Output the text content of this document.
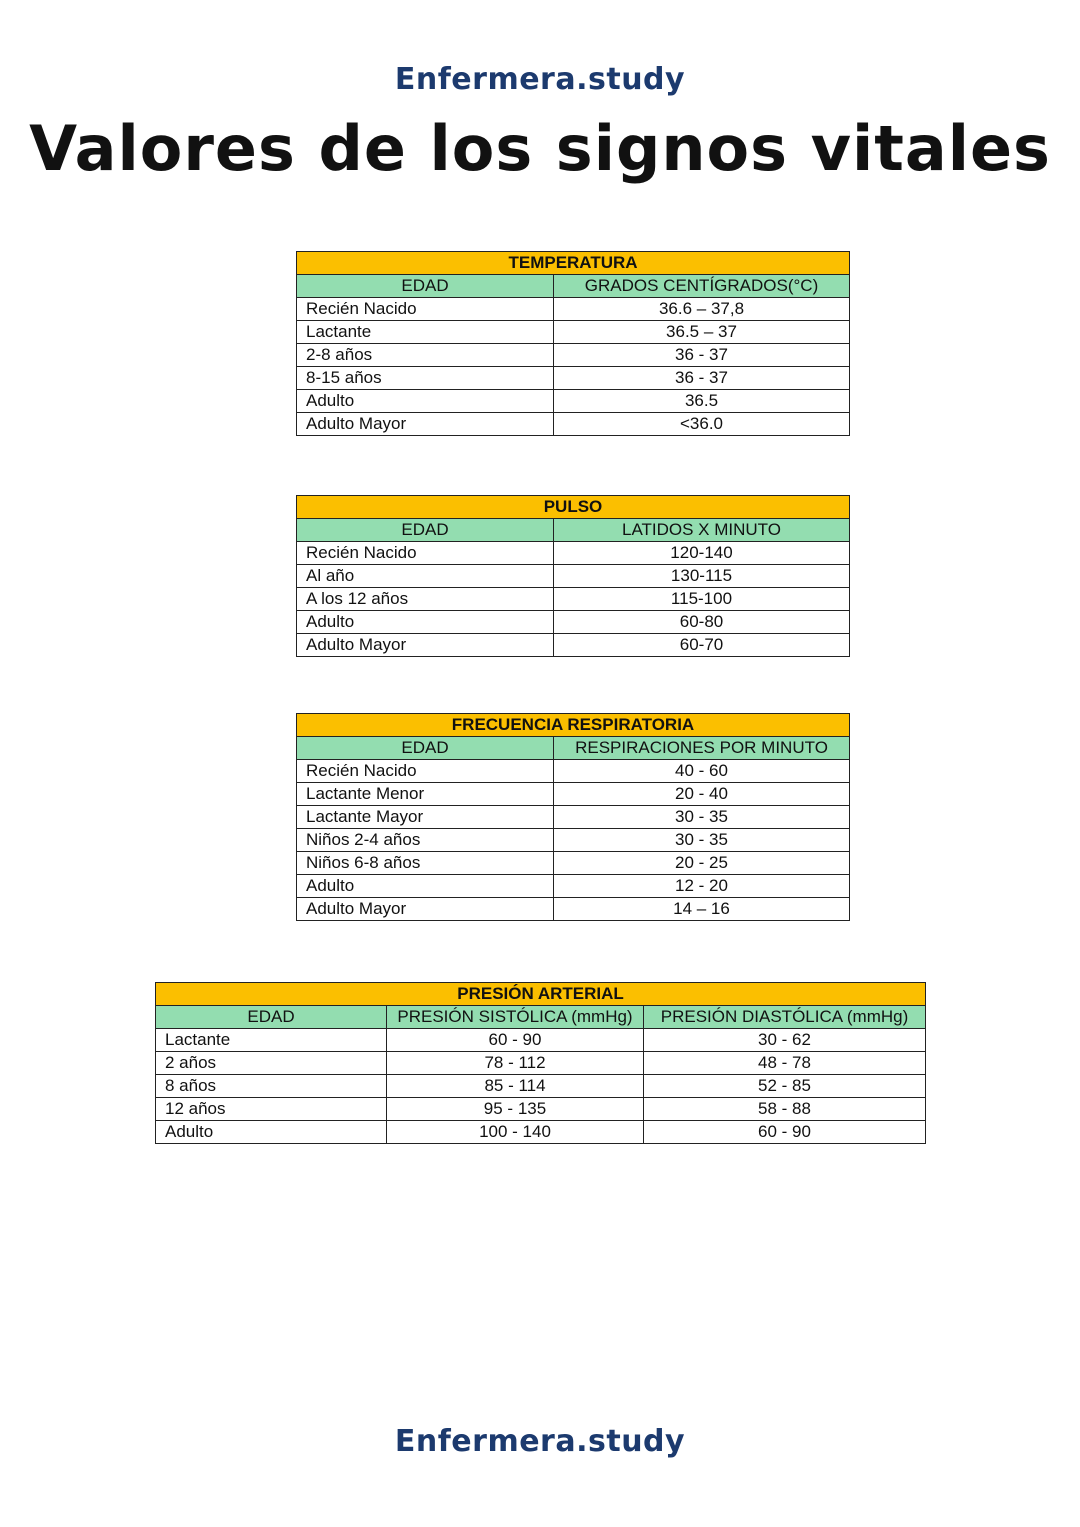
Enfermera.study
Valores de los signos vitales
TEMPERATURA	
EDAD	GRADOS CENTÍGRADOS(°C)
Recién Nacido	36.6 – 37,8
Lactante	36.5 – 37
2-8 años	36 - 37
8-15 años	36 - 37
Adulto	36.5
Adulto Mayor	<36.0
PULSO	
EDAD	LATIDOS X MINUTO
Recién Nacido	120-140
Al año	130-115
A los 12 años	115-100
Adulto	60-80
Adulto Mayor	60-70
FRECUENCIA RESPIRATORIA	
EDAD	RESPIRACIONES POR MINUTO
Recién Nacido	40 - 60
Lactante Menor	20 - 40
Lactante Mayor	30 - 35
Niños 2-4 años	30 - 35
Niños 6-8 años	20 - 25
Adulto	12 - 20
Adulto Mayor	14 – 16
PRESIÓN ARTERIAL		
EDAD	PRESIÓN SISTÓLICA (mmHg)	PRESIÓN DIASTÓLICA (mmHg)
Lactante	60 - 90	30 - 62
2 años	78 - 112	48 - 78
8 años	85 - 114	52 - 85
12 años	95 - 135	58 - 88
Adulto	100 - 140	60 - 90
Enfermera.study
